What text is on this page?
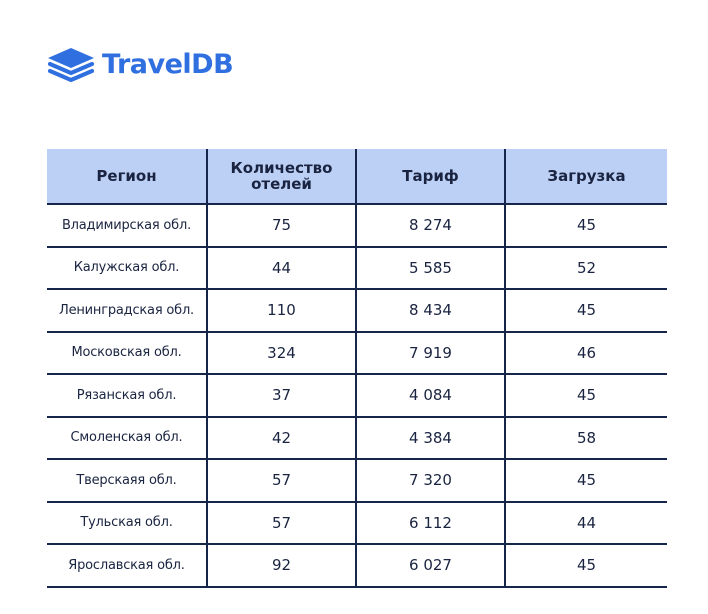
TravelDB
Регион	Количество отелей	Тариф	Загрузка
Владимирская обл.	75	8 274	45
Калужская обл.	44	5 585	52
Ленинградская обл.	110	8 434	45
Московская обл.	324	7 919	46
Рязанская обл.	37	4 084	45
Смоленская обл.	42	4 384	58
Тверскаяя обл.	57	7 320	45
Тульская обл.	57	6 112	44
Ярославская обл.	92	6 027	45
